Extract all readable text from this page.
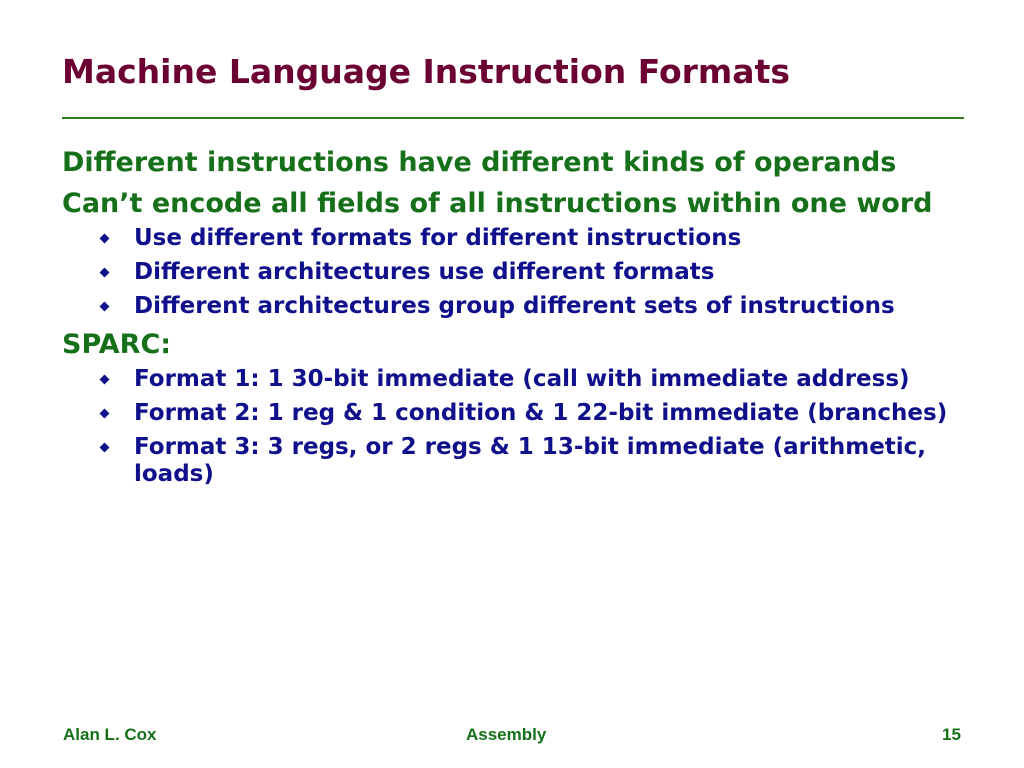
Machine Language Instruction Formats
Different instructions have different kinds of operands
Can’t encode all fields of all instructions within one word
Use different formats for different instructions
Different architectures use different formats
Different architectures group different sets of instructions
SPARC:
Format 1: 1 30-bit immediate (call with immediate address)
Format 2: 1 reg & 1 condition & 1 22-bit immediate (branches)
Format 3: 3 regs, or 2 regs & 1 13-bit immediate (arithmetic, loads)
Alan L. Cox	Assembly	15
